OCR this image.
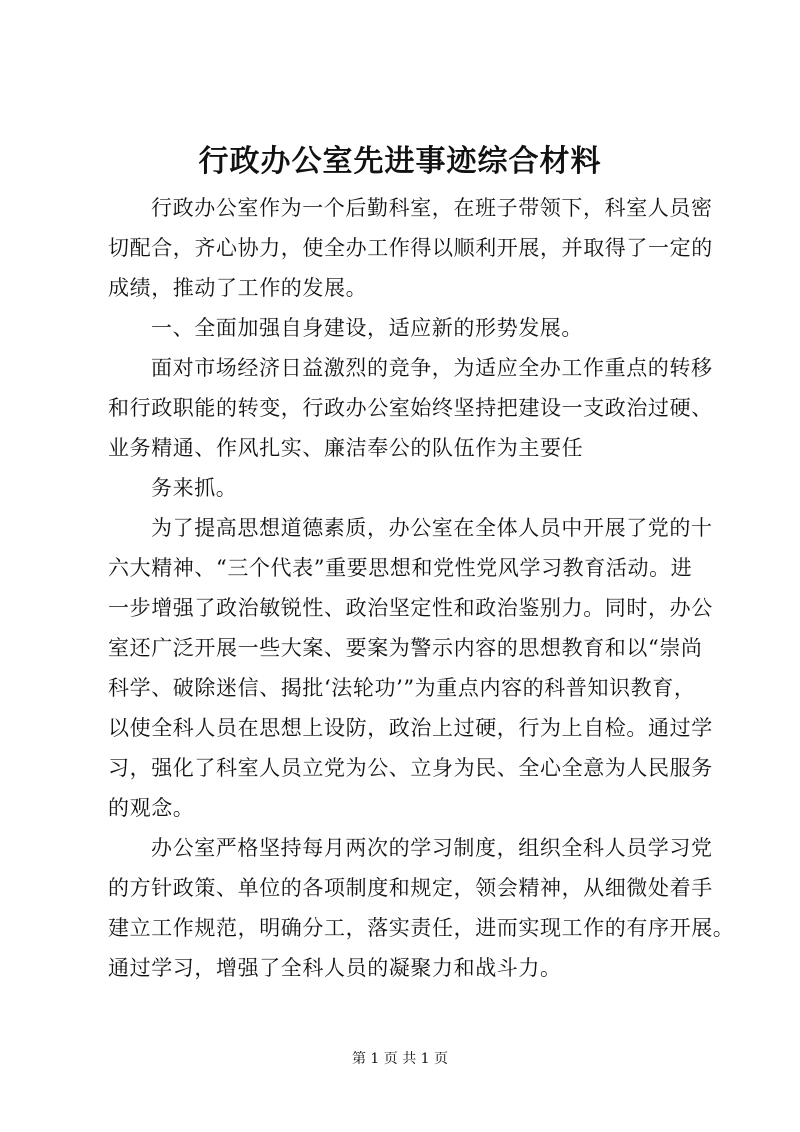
行政办公室先进事迹综合材料
行政办公室作为一个后勤科室，在班子带领下，科室人员密
切配合，齐心协力，使全办工作得以顺利开展，并取得了一定的
成绩，推动了工作的发展。
一、全面加强自身建设，适应新的形势发展。
面对市场经济日益激烈的竞争，为适应全办工作重点的转移
和行政职能的转变，行政办公室始终坚持把建设一支政治过硬、
业务精通、作风扎实、廉洁奉公的队伍作为主要任
务来抓。
为了提高思想道德素质，办公室在全体人员中开展了党的十
六大精神、“三个代表”重要思想和党性党风学习教育活动。进
一步增强了政治敏锐性、政治坚定性和政治鉴别力。同时，办公
室还广泛开展一些大案、要案为警示内容的思想教育和以“崇尚
科学、破除迷信、揭批‘法轮功’”为重点内容的科普知识教育，
以使全科人员在思想上设防，政治上过硬，行为上自检。通过学
习，强化了科室人员立党为公、立身为民、全心全意为人民服务
的观念。
办公室严格坚持每月两次的学习制度，组织全科人员学习党
的方针政策、单位的各项制度和规定，领会精神，从细微处着手
建立工作规范，明确分工，落实责任，进而实现工作的有序开展。
通过学习，增强了全科人员的凝聚力和战斗力。
第 1 页 共 1 页
